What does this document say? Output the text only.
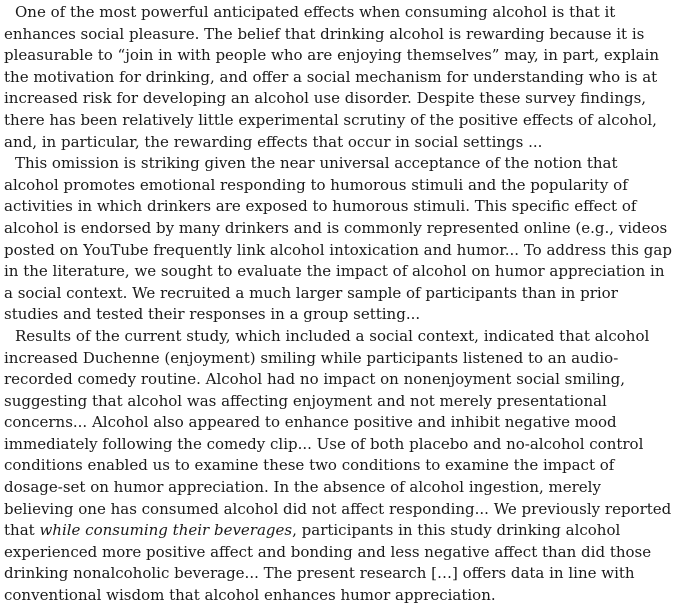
One of the most powerful anticipated effects when consuming alcohol is that it enhances social pleasure. The belief that drinking alcohol is rewarding because it is pleasurable to “join in with people who are enjoying themselves” may, in part, explain the motivation for drinking, and offer a social mechanism for understanding who is at increased risk for developing an alcohol use disorder. Despite these survey findings, there has been relatively little experimental scrutiny of the positive effects of alcohol, and, in particular, the rewarding effects that occur in social settings ...

This omission is striking given the near universal acceptance of the notion that alcohol promotes emotional responding to humorous stimuli and the popularity of activities in which drinkers are exposed to humorous stimuli. This specific effect of alcohol is endorsed by many drinkers and is commonly represented online (e.g., videos posted on YouTube frequently link alcohol intoxication and humor... To address this gap in the literature, we sought to evaluate the impact of alcohol on humor appreciation in a social context. We recruited a much larger sample of participants than in prior studies and tested their responses in a group setting...

Results of the current study, which included a social context, indicated that alcohol increased Duchenne (enjoyment) smiling while participants listened to an audio-recorded comedy routine. Alcohol had no impact on nonenjoyment social smiling, suggesting that alcohol was affecting enjoyment and not merely presentational concerns... Alcohol also appeared to enhance positive and inhibit negative mood immediately following the comedy clip... Use of both placebo and no-alcohol control conditions enabled us to examine these two conditions to examine the impact of dosage-set on humor appreciation. In the absence of alcohol ingestion, merely believing one has consumed alcohol did not affect responding... We previously reported that while consuming their beverages, participants in this study drinking alcohol experienced more positive affect and bonding and less negative affect than did those drinking nonalcoholic beverage... The present research […] offers data in line with conventional wisdom that alcohol enhances humor appreciation.
